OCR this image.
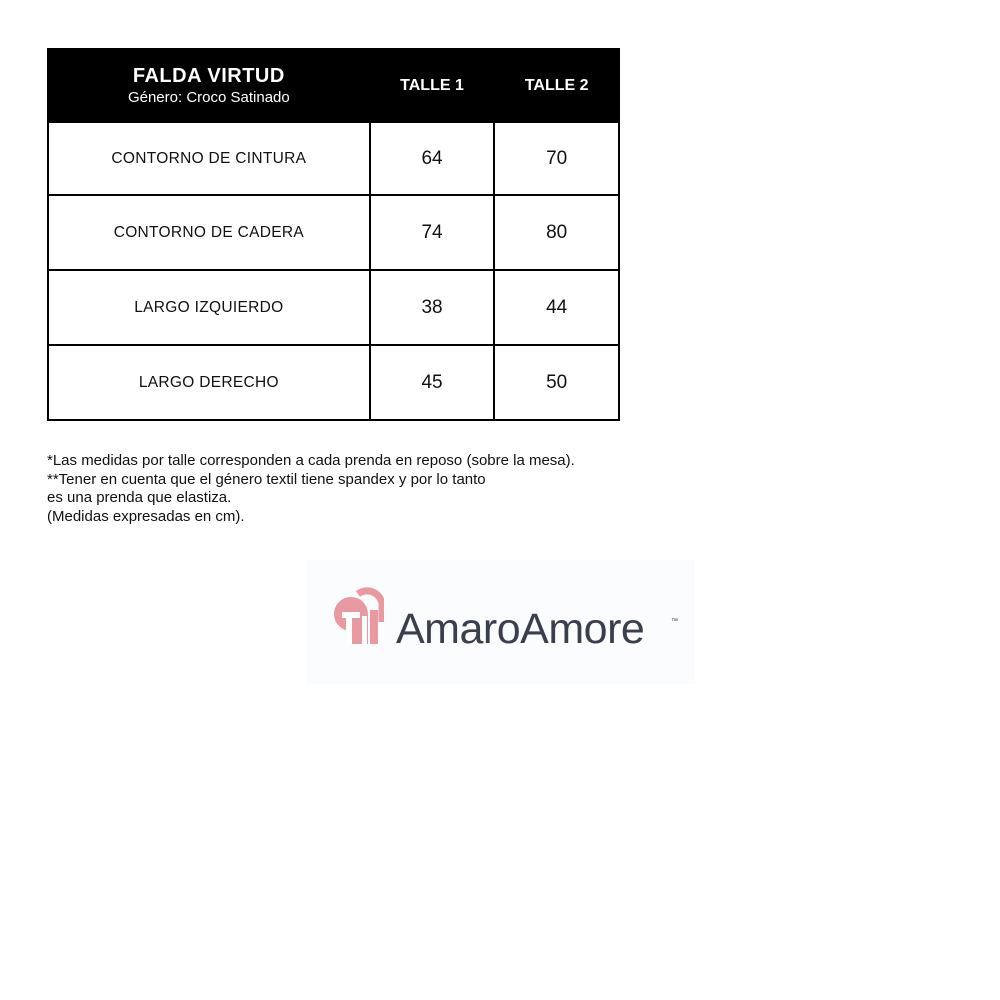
FALDA VIRTUD
Género: Croco Satinado	TALLE 1	TALLE 2
CONTORNO DE CINTURA	64	70
CONTORNO DE CADERA	74	80
LARGO IZQUIERDO	38	44
LARGO DERECHO	45	50
*Las medidas por talle corresponden a cada prenda en reposo (sobre la mesa).
**Tener en cuenta que el género textil tiene spandex y por lo tanto
es una prenda que elastiza.
(Medidas expresadas en cm).
AmaroAmore	™
